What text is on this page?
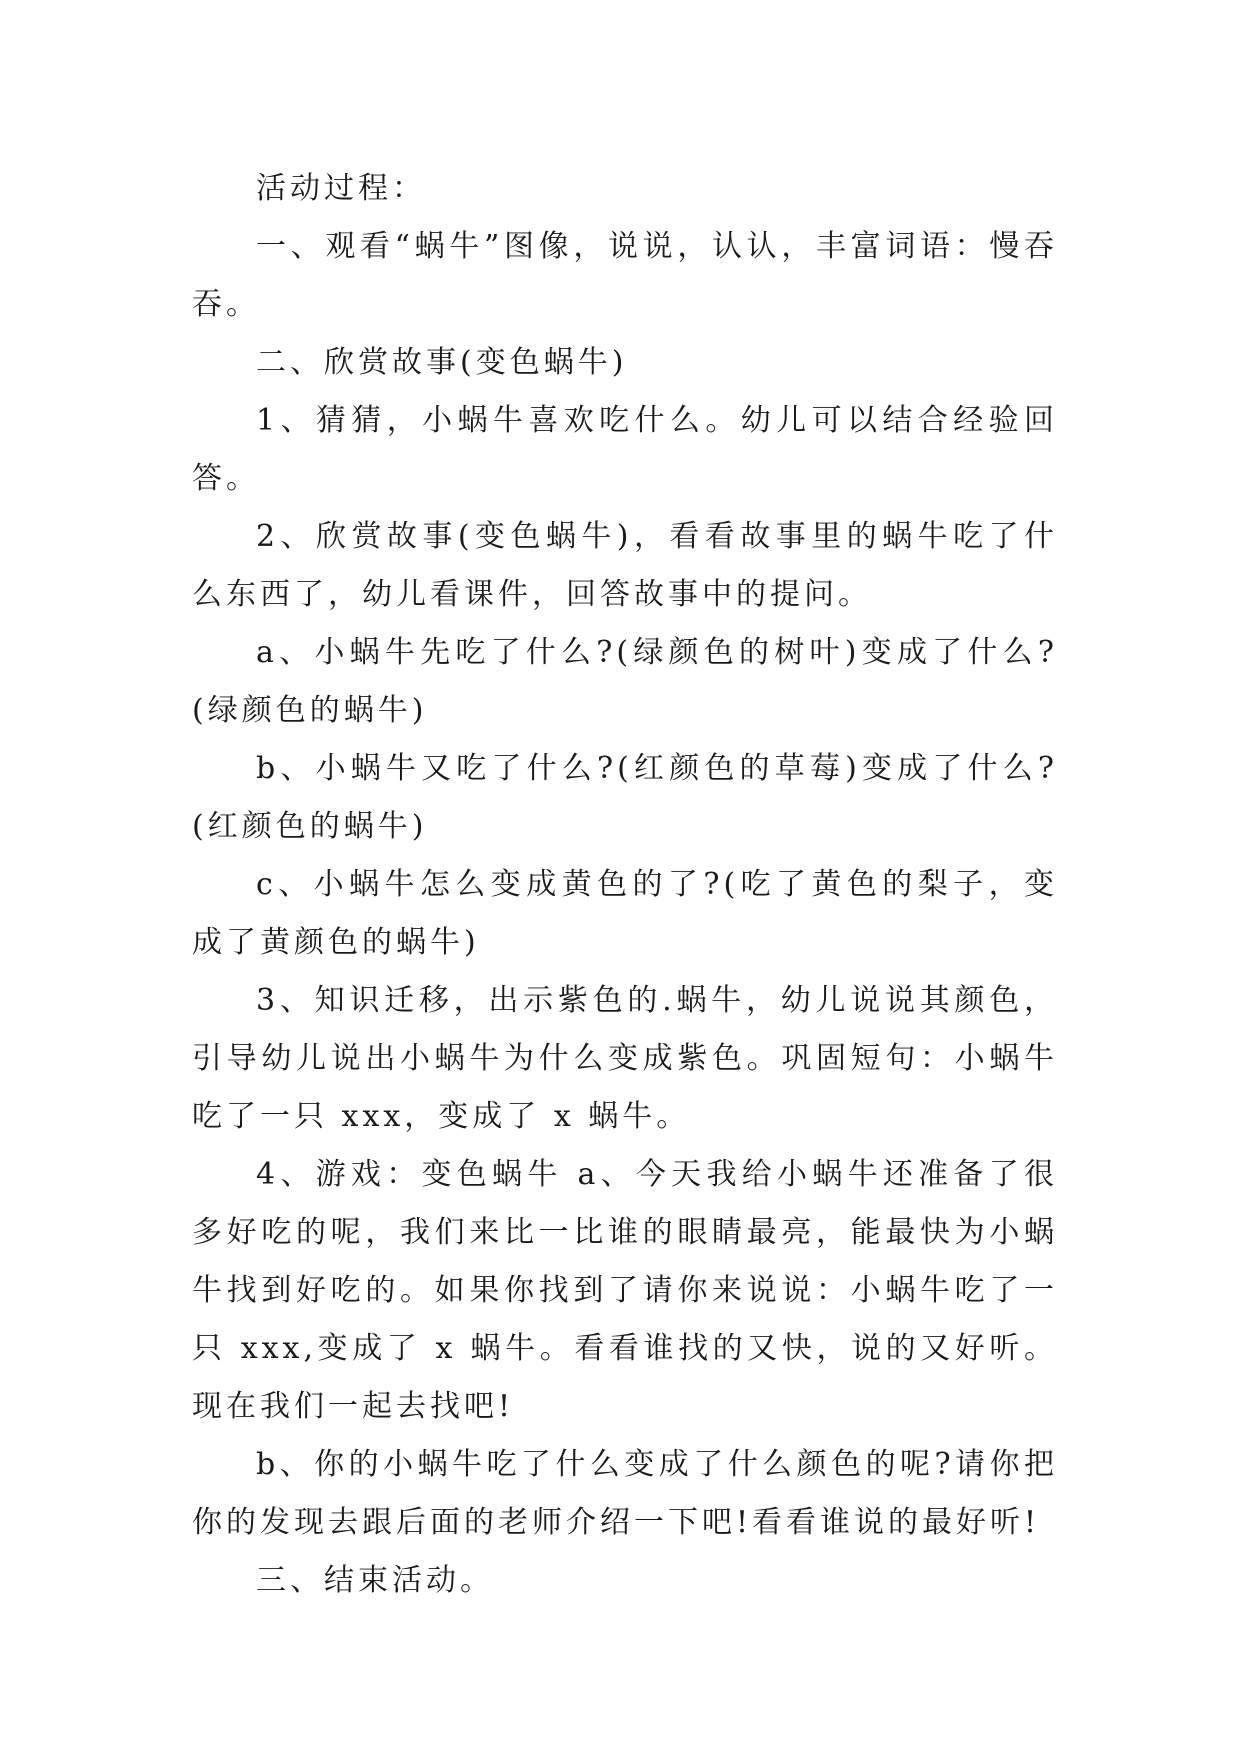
活动过程：

一、观看“蜗牛”图像，说说，认认，丰富词语：慢吞吞。

二、欣赏故事(变色蜗牛)

1、猜猜，小蜗牛喜欢吃什么。幼儿可以结合经验回答。

2、欣赏故事(变色蜗牛)，看看故事里的蜗牛吃了什么东西了，幼儿看课件，回答故事中的提问。

a、小蜗牛先吃了什么?(绿颜色的树叶)变成了什么?(绿颜色的蜗牛)

b、小蜗牛又吃了什么?(红颜色的草莓)变成了什么?(红颜色的蜗牛)

c、小蜗牛怎么变成黄色的了?(吃了黄色的梨子，变成了黄颜色的蜗牛)

3、知识迁移，出示紫色的.蜗牛，幼儿说说其颜色，引导幼儿说出小蜗牛为什么变成紫色。巩固短句：小蜗牛吃了一只 xxx，变成了 x 蜗牛。

4、游戏：变色蜗牛 a、今天我给小蜗牛还准备了很多好吃的呢，我们来比一比谁的眼睛最亮，能最快为小蜗牛找到好吃的。如果你找到了请你来说说：小蜗牛吃了一只 xxx,变成了 x 蜗牛。看看谁找的又快，说的又好听。现在我们一起去找吧!

b、你的小蜗牛吃了什么变成了什么颜色的呢?请你把你的发现去跟后面的老师介绍一下吧!看看谁说的最好听!

三、结束活动。
